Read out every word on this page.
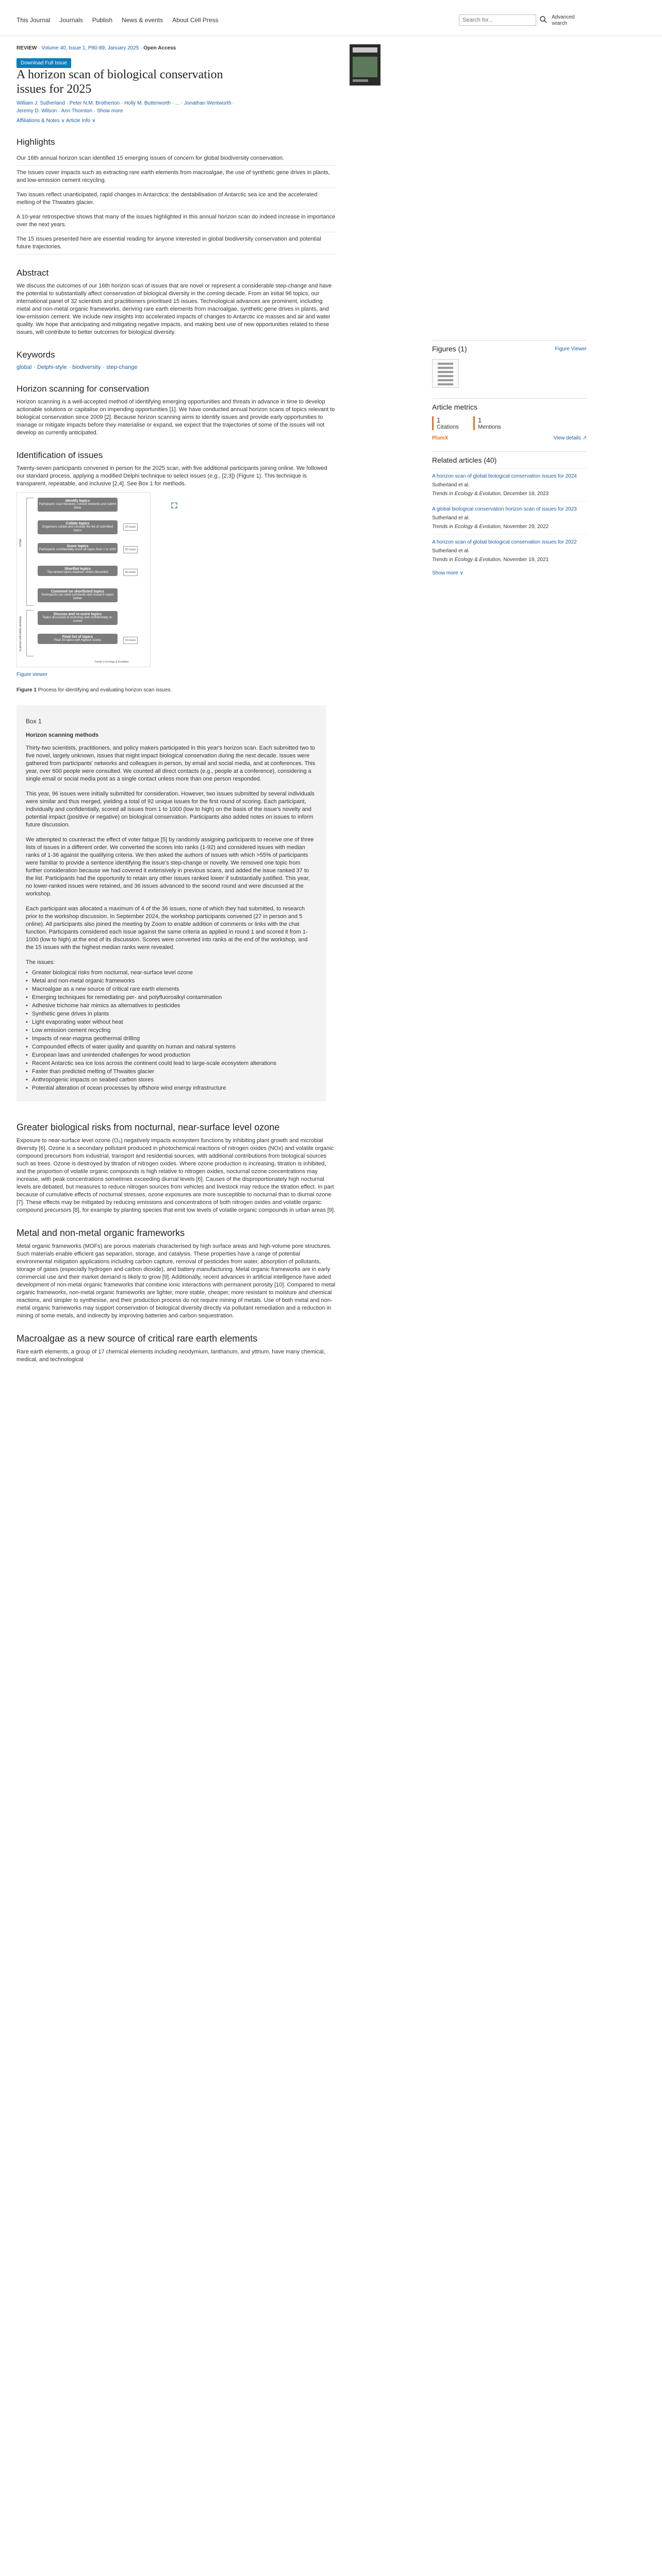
This Journal Journals Publish News & events About Cell Press
Search for...	Advanced search
REVIEW · Volume 40, Issue 1, P80-89, January 2025 · Open Access
Download Full Issue
A horizon scan of biological conservation issues for 2025
William J. Sutherland · Peter N.M. Brotherton · Holly M. Butterworth · ... · Jonathan Wentworth · Jeremy D. Wilson · Ann Thornton · Show more
Affiliations & Notes ∨ Article Info ∨
Highlights

Our 16th annual horizon scan identified 15 emerging issues of concern for global biodiversity conservation.

The issues cover impacts such as extracting rare earth elements from macroalgae, the use of synthetic gene drives in plants, and low-emission cement recycling.

Two issues reflect unanticipated, rapid changes in Antarctica: the destabilisation of Antarctic sea ice and the accelerated melting of the Thwaites glacier.

A 10-year retrospective shows that many of the issues highlighted in this annual horizon scan do indeed increase in importance over the next years.

The 15 issues presented here are essential reading for anyone interested in global biodiversity conservation and potential future trajectories.

Abstract

We discuss the outcomes of our 16th horizon scan of issues that are novel or represent a considerable step-change and have the potential to substantially affect conservation of biological diversity in the coming decade. From an initial 96 topics, our international panel of 32 scientists and practitioners prioritised 15 issues. Technological advances are prominent, including metal and non-metal organic frameworks, deriving rare earth elements from macroalgae, synthetic gene drives in plants, and low-emission cement. We include new insights into accelerated impacts of changes to Antarctic ice masses and air and water quality. We hope that anticipating and mitigating negative impacts, and making best use of new opportunities related to these issues, will contribute to better outcomes for biological diversity.

Keywords
global · Delphi-style · biodiversity · step-change
Horizon scanning for conservation

Horizon scanning is a well-accepted method of identifying emerging opportunities and threats in advance in time to develop actionable solutions or capitalise on impending opportunities [1]. We have conducted annual horizon scans of topics relevant to biological conservation since 2009 [2]. Because horizon scanning aims to identify issues and provide early opportunities to manage or mitigate impacts before they materialise or expand, we expect that the trajectories of some of the issues will not develop as currently anticipated.

Identification of issues

Twenty-seven participants convened in person for the 2025 scan, with five additional participants joining online. We followed our standard process, applying a modified Delphi technique to select issues (e.g., [2,3]) (Figure 1). This technique is transparent, repeatable, and inclusive [2,4]. See Box 1 for methods.

Email
In-person and online workshop
Identify topics
Participants scan literature, consult networks and submit ideas
Collate topics
Organisers collate and circulate the list of submitted topics
Score topics
Participants confidentially score all topics from 1 to 1000
Shortlist topics
Top-ranked topics retained; others discarded
Comment on shortlisted topics
Participants can send comments and research topics further
Discuss and re-score topics
Topics discussed at workshop and confidentially re-scored
Final list of topics
Final 15 topics with highest scores
32 issues
96 issues
36 issues
15 issues
Trends in Ecology & Evolution
Figure viewer

Figure 1 Process for identifying and evaluating horizon scan issues.

Box 1
Horizon scanning methods

Thirty-two scientists, practitioners, and policy makers participated in this year's horizon scan. Each submitted two to five novel, largely unknown, issues that might impact biological conservation during the next decade. Issues were gathered from participants' networks and colleagues in person, by email and social media, and at conferences. This year, over 600 people were consulted. We counted all direct contacts (e.g., people at a conference), considering a single email or social media post as a single contact unless more than one person responded.

This year, 96 issues were initially submitted for consideration. However, two issues submitted by several individuals were similar and thus merged, yielding a total of 92 unique issues for the first round of scoring. Each participant, individually and confidentially, scored all issues from 1 to 1000 (low to high) on the basis of the issue's novelty and potential impact (positive or negative) on biological conservation. Participants also added notes on issues to inform future discussion.

We attempted to counteract the effect of voter fatigue [5] by randomly assigning participants to receive one of three lists of issues in a different order. We converted the scores into ranks (1-92) and considered issues with median ranks of 1-36 against the qualifying criteria. We then asked the authors of issues with which >55% of participants were familiar to provide a sentence identifying the issue's step-change or novelty. We removed one topic from further consideration because we had covered it extensively in previous scans, and added the issue ranked 37 to the list. Participants had the opportunity to retain any other issues ranked lower if substantially justified. This year, no lower-ranked issues were retained, and 36 issues advanced to the second round and were discussed at the workshop.

Each participant was allocated a maximum of 4 of the 36 issues, none of which they had submitted, to research prior to the workshop discussion. In September 2024, the workshop participants convened (27 in person and 5 online). All participants also joined the meeting by Zoom to enable addition of comments or links with the chat function. Participants considered each issue against the same criteria as applied in round 1 and scored it from 1-1000 (low to high) at the end of its discussion. Scores were converted into ranks at the end of the workshop, and the 15 issues with the highest median ranks were revealed.

The issues:

• Greater biological risks from nocturnal, near-surface level ozone
• Metal and non-metal organic frameworks
• Macroalgae as a new source of critical rare earth elements
• Emerging techniques for remediating per- and polyfluoroalkyl contamination
• Adhesive trichome hair mimics as alternatives to pesticides
• Synthetic gene drives in plants
• Light evaporating water without heat
• Low emission cement recycling
• Impacts of near-magma geothermal drilling
• Compounded effects of water quality and quantity on human and natural systems
• European laws and unintended challenges for wood production
• Recent Antarctic sea ice loss across the continent could lead to large-scale ecosystem alterations
• Faster than predicted melting of Thwaites glacier
• Anthropogenic impacts on seabed carbon stores
• Potential alteration of ocean processes by offshore wind energy infrastructure
Greater biological risks from nocturnal, near-surface level ozone

Exposure to near-surface level ozone (O₃) negatively impacts ecosystem functions by inhibiting plant growth and microbial diversity [6]. Ozone is a secondary pollutant produced in photochemical reactions of nitrogen oxides (NOx) and volatile organic compound precursors from industrial, transport and residential sources, with additional contributions from biological sources such as trees. Ozone is destroyed by titration of nitrogen oxides. Where ozone production is increasing, titration is inhibited, and the proportion of volatile organic compounds is high relative to nitrogen oxides, nocturnal ozone concentrations may increase, with peak concentrations sometimes exceeding diurnal levels [6]. Causes of the disproportionately high nocturnal levels are debated, but measures to reduce nitrogen sources from vehicles and livestock may reduce the titration effect. In part because of cumulative effects of nocturnal stresses, ozone exposures are more susceptible to nocturnal than to diurnal ozone [7]. These effects may be mitigated by reducing emissions and concentrations of both nitrogen oxides and volatile organic compound precursors [8], for example by planting species that emit low levels of volatile organic compounds in urban areas [9].

Metal and non-metal organic frameworks

Metal organic frameworks (MOFs) are porous materials characterised by high surface areas and high-volume pore structures. Such materials enable efficient gas separation, storage, and catalysis. These properties have a range of potential environmental mitigation applications including carbon capture, removal of pesticides from water, absorption of pollutants, storage of gases (especially hydrogen and carbon dioxide), and battery manufacturing. Metal organic frameworks are in early commercial use and their market demand is likely to grow [9]. Additionally, recent advances in artificial intelligence have aided development of non-metal organic frameworks that combine ionic interactions with permanent porosity [10]. Compared to metal organic frameworks, non-metal organic frameworks are lighter, more stable, cheaper, more resistant to moisture and chemical reactions, and simpler to synthesise, and their production process do not require mining of metals. Use of both metal and non-metal organic frameworks may support conservation of biological diversity directly via pollutant remediation and a reduction in mining of some metals, and indirectly by improving batteries and carbon sequestration.

Macroalgae as a new source of critical rare earth elements

Rare earth elements, a group of 17 chemical elements including neodymium, lanthanum, and yttrium, have many chemical, medical, and technological

Figures (1)	Figure Viewer
Article metrics
1
Citations
1
Mentions
PlumX	View details ↗
Related articles (40)
A horizon scan of global biological conservation issues for 2024
Sutherland et al.
Trends in Ecology & Evolution, December 18, 2023
A global biological conservation horizon scan of issues for 2023
Sutherland et al.
Trends in Ecology & Evolution, November 29, 2022
A horizon scan of global biological conservation issues for 2022
Sutherland et al.
Trends in Ecology & Evolution, November 19, 2021
Show more ∨
